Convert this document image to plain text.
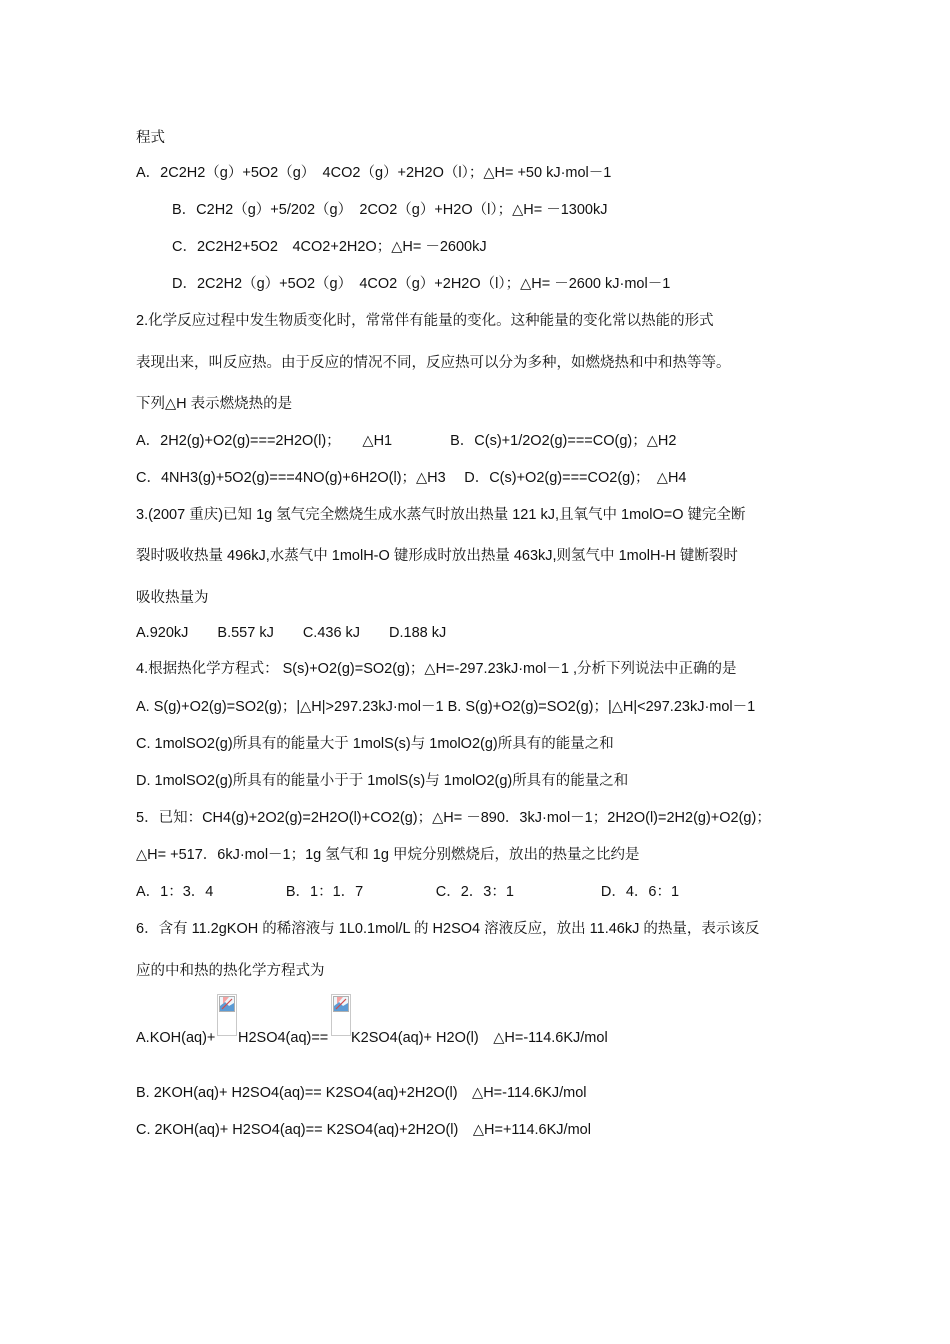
程式
A．2C2H2（g）+5O2（g）　4CO2（g）+2H2O（l）；△H= +50 kJ·mol－1
B．C2H2（g）+5/202（g）　2CO2（g）+H2O（l）；△H= －1300kJ
C．2C2H2+5O2　4CO2+2H2O；△H= －2600kJ
D．2C2H2（g）+5O2（g）　4CO2（g）+2H2O（l）；△H= －2600 kJ·mol－1
2.化学反应过程中发生物质变化时，常常伴有能量的变化。这种能量的变化常以热能的形式
表现出来，叫反应热。由于反应的情况不同，反应热可以分为多种，如燃烧热和中和热等等。
下列△H 表示燃烧热的是
A．2H2(g)+O2(g)===2H2O(l)；　　△H1　　　　B．C(s)+1/2O2(g)===CO(g)；△H2
C．4NH3(g)+5O2(g)===4NO(g)+6H2O(l)；△H3　 D．C(s)+O2(g)===CO2(g)；　△H4
3.(2007 重庆)已知 1g 氢气完全燃烧生成水蒸气时放出热量 121 kJ,且氧气中 1molO=O 键完全断
裂时吸收热量 496kJ,水蒸气中 1molH-O 键形成时放出热量 463kJ,则氢气中 1molH-H 键断裂时
吸收热量为
A.920kJ　　B.557 kJ　　C.436 kJ　　D.188 kJ
4.根据热化学方程式： S(s)+O2(g)=SO2(g)；△H=-297.23kJ·mol－1 ,分析下列说法中正确的是
A. S(g)+O2(g)=SO2(g)；|△H|>297.23kJ·mol－1 B. S(g)+O2(g)=SO2(g)；|△H|<297.23kJ·mol－1
C. 1molSO2(g)所具有的能量大于 1molS(s)与 1molO2(g)所具有的能量之和
D. 1molSO2(g)所具有的能量小于于 1molS(s)与 1molO2(g)所具有的能量之和
5．已知：CH4(g)+2O2(g)=2H2O(l)+CO2(g)；△H= －890．3kJ·mol－1；2H2O(l)=2H2(g)+O2(g)；
△H= +517．6kJ·mol－1；1g 氢气和 1g 甲烷分别燃烧后，放出的热量之比约是
A．1：3．4　　　　　B．1：1．7　　　　　C．2．3：1　　　　　　D．4．6：1
6．含有 11.2gKOH 的稀溶液与 1L0.1mol/L 的 H2SO4 溶液反应，放出 11.46kJ 的热量，表示该反
应的中和热的热化学方程式为
A.KOH(aq)+ H2SO4(aq)== K2SO4(aq)+ H2O(l)　△H=-114.6KJ/mol
B. 2KOH(aq)+ H2SO4(aq)== K2SO4(aq)+2H2O(l)　△H=-114.6KJ/mol
C. 2KOH(aq)+ H2SO4(aq)== K2SO4(aq)+2H2O(l)　△H=+114.6KJ/mol
